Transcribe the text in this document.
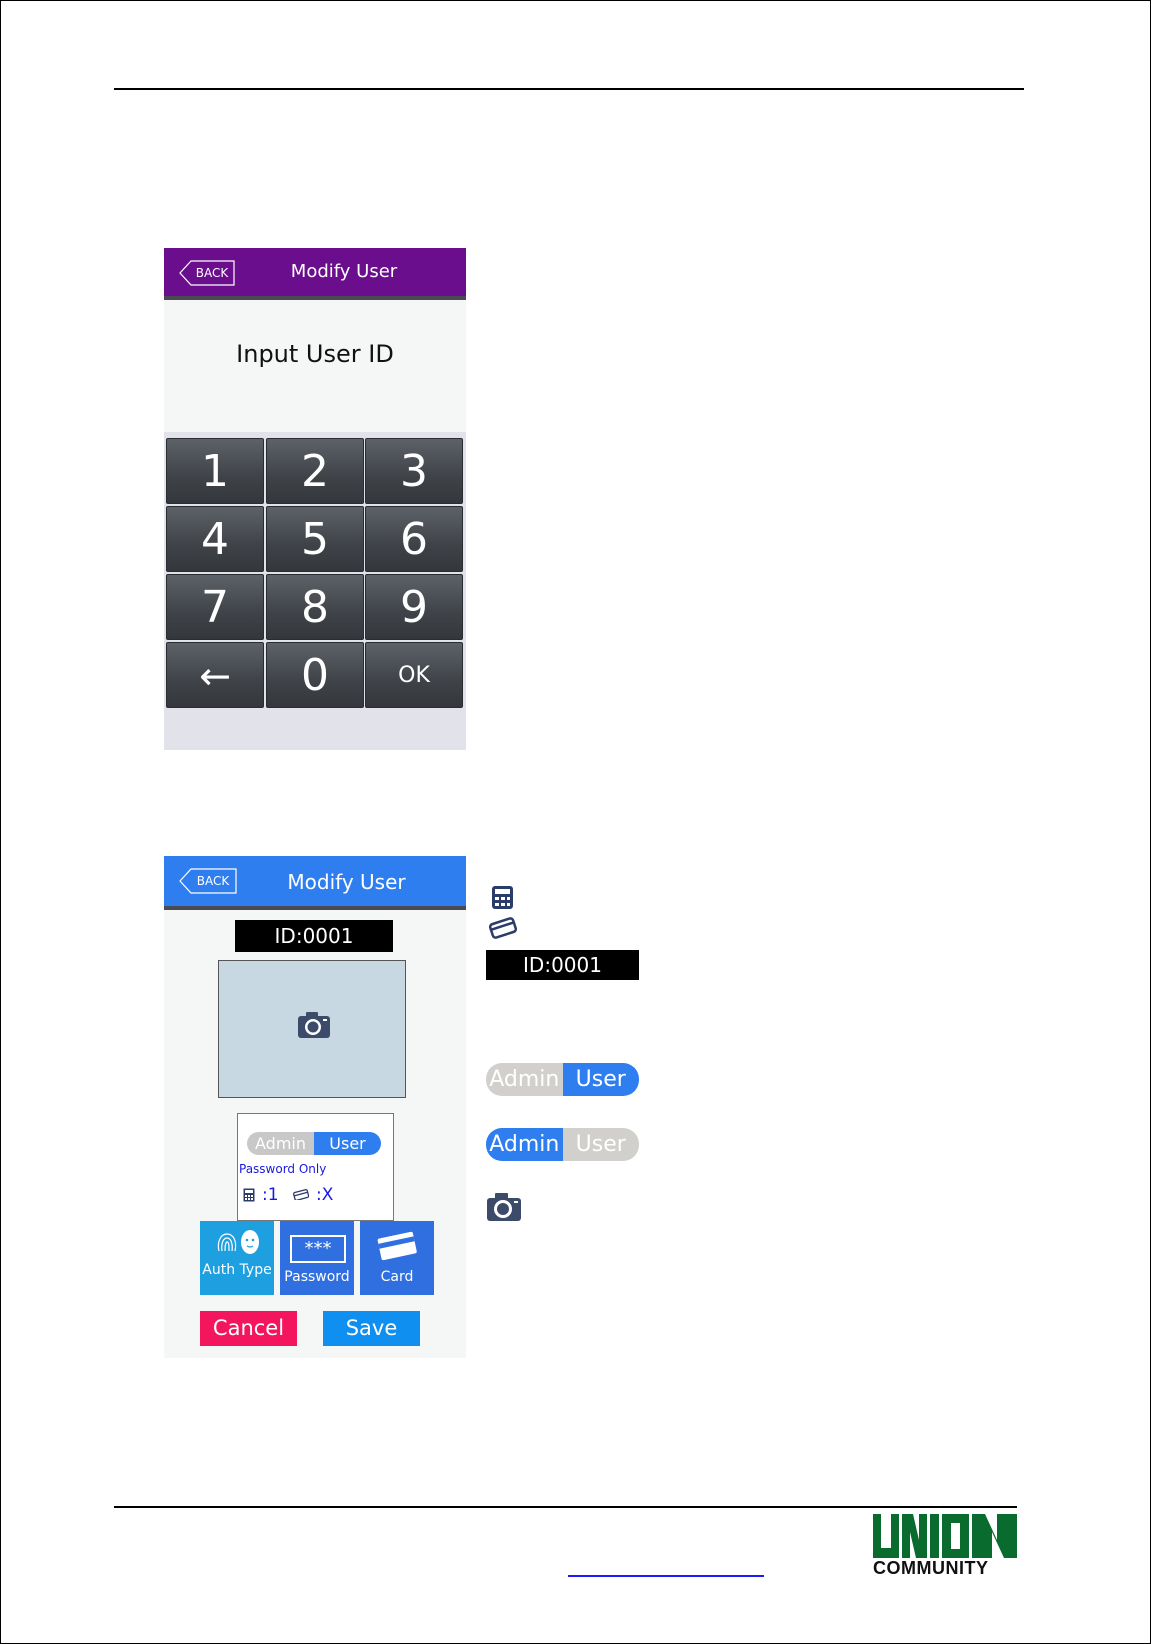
BACK	Modify User
Input User ID
1	2	3
4	5	6
7	8	9
←	0	OK
BACK	Modify User
ID:0001
Admin	User
Password Only
:1 :X
Auth Type
***
Password	Card
Cancel	Save
ID:0001
Admin User
Admin User
COMMUNITY
